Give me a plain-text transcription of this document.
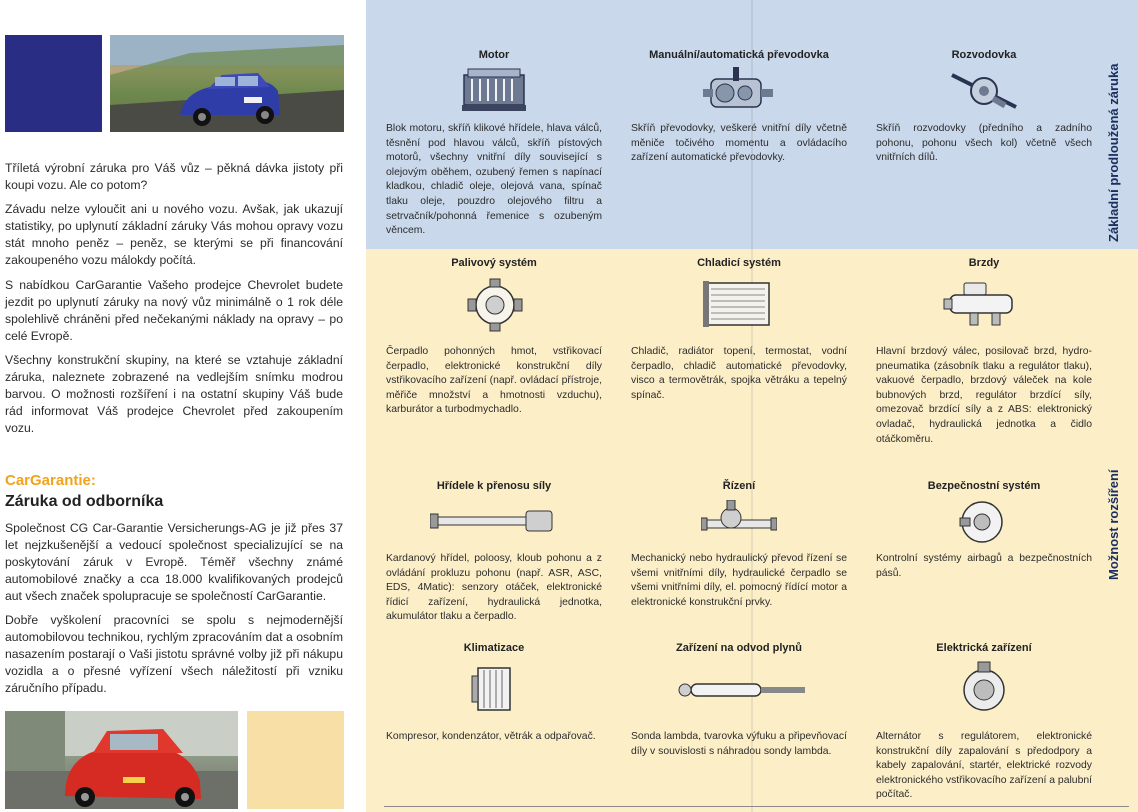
Tříletá výrobní záruka pro Váš vůz – pěkná dávka jistoty při koupi vozu. Ale co potom?

Závadu nelze vyloučit ani u nového vozu. Avšak, jak ukazují statistiky, po uplynutí základní záruky Vás mohou opravy vozu stát mnoho peněz – peněz, se kterými se při financování zakoupeného vozu málokdy počítá.

S nabídkou CarGarantie Vašeho prodejce Chevrolet budete jezdit po uplynutí záruky na nový vůz minimálně o 1 rok déle spolehlivě chráněni před nečekanými náklady na opravy – po celé Evropě.

Všechny konstrukční skupiny, na které se vztahuje základní záruka, naleznete zobrazené na vedlejším snímku modrou barvou. O možnosti rozšíření i na ostatní skupiny Váš bude rád informovat Váš prodejce Chevrolet před zakoupením vozu.

CarGarantie:
Záruka od odborníka

Společnost CG Car-Garantie Versicherungs-AG je již přes 37 let nejzkušenější a vedoucí společnost specializující se na poskytování záruk v Evropě. Téměř všechny známé automobilové značky a cca 18.000 kvalifikovaných prodejců aut všech značek spolupracuje se společností CarGarantie.

Dobře vyškolení pracovníci se spolu s nejmodernější automobilovou technikou, rychlým zpracováním dat a osobním nasazením postarají o Vaši jistotu správné volby již při nákupu vozidla a o přesné vyřízení všech náležitostí při vzniku záručního případu.

Základní prodloužená záruka
Možnost rozšíření
Motor

Blok motoru, skříň klikové hřídele, hlava válců, těsnění pod hlavou válců, skříň pístových motorů, všechny vnitřní díly související s olejovým oběhem, ozubený řemen s napínací kladkou, chladič oleje, olejová vana, spínač tlaku oleje, pouzdro olejového filtru a setrvačník/pohonná řemenice s ozubeným věncem.

Manuální/automatická převodovka

Skříň převodovky, veškeré vnitřní díly včetně měniče točivého momentu a ovládacího zařízení automatické převodovky.

Rozvodovka

Skříň rozvodovky (předního a zadního pohonu, pohonu všech kol) včetně všech vnitřních dílů.

Palivový systém

Čerpadlo pohonných hmot, vstřikovací čerpadlo, elektronické konstrukční díly vstřikovacího zařízení (např. ovládací přístroje, měřiče množství a hmotnosti vzduchu), karburátor a turbodmychadlo.

Chladicí systém

Chladič, radiátor topení, termostat, vodní čerpadlo, chladič automatické převodovky, visco a termovětrák, spojka větráku a tepelný spínač.

Brzdy

Hlavní brzdový válec, posilovač brzd, hydro-pneumatika (zásobník tlaku a regulátor tlaku), vakuové čerpadlo, brzdový váleček na kole bubnových brzd, regulátor brzdící síly, omezovač brzdící síly a z ABS: elektronický ovladač, hydraulická jednotka a čidlo otáčkoměru.

Hřídele k přenosu síly

Kardanový hřídel, poloosy, kloub pohonu a z ovládání prokluzu pohonu (např. ASR, ASC, EDS, 4Matic): senzory otáček, elektronické řídicí zařízení, hydraulická jednotka, akumulátor tlaku a čerpadlo.

Řízení

Mechanický nebo hydraulický převod řízení se všemi vnitřními díly, hydraulické čerpadlo se všemi vnitřními díly, el. pomocný řídící motor a elektronické konstrukční prvky.

Bezpečnostní systém

Kontrolní systémy airbagů a bezpečnostních pásů.

Klimatizace

Kompresor, kondenzátor, větrák a odpařovač.

Zařízení na odvod plynů

Sonda lambda, tvarovka výfuku a připevňovací díly v souvislosti s náhradou sondy lambda.

Elektrická zařízení

Alternátor s regulátorem, elektronické konstrukční díly zapalování s předodpory a kabely zapalování, startér, elektrické rozvody elektronického vstřikovacího zařízení a palubní počítač.
